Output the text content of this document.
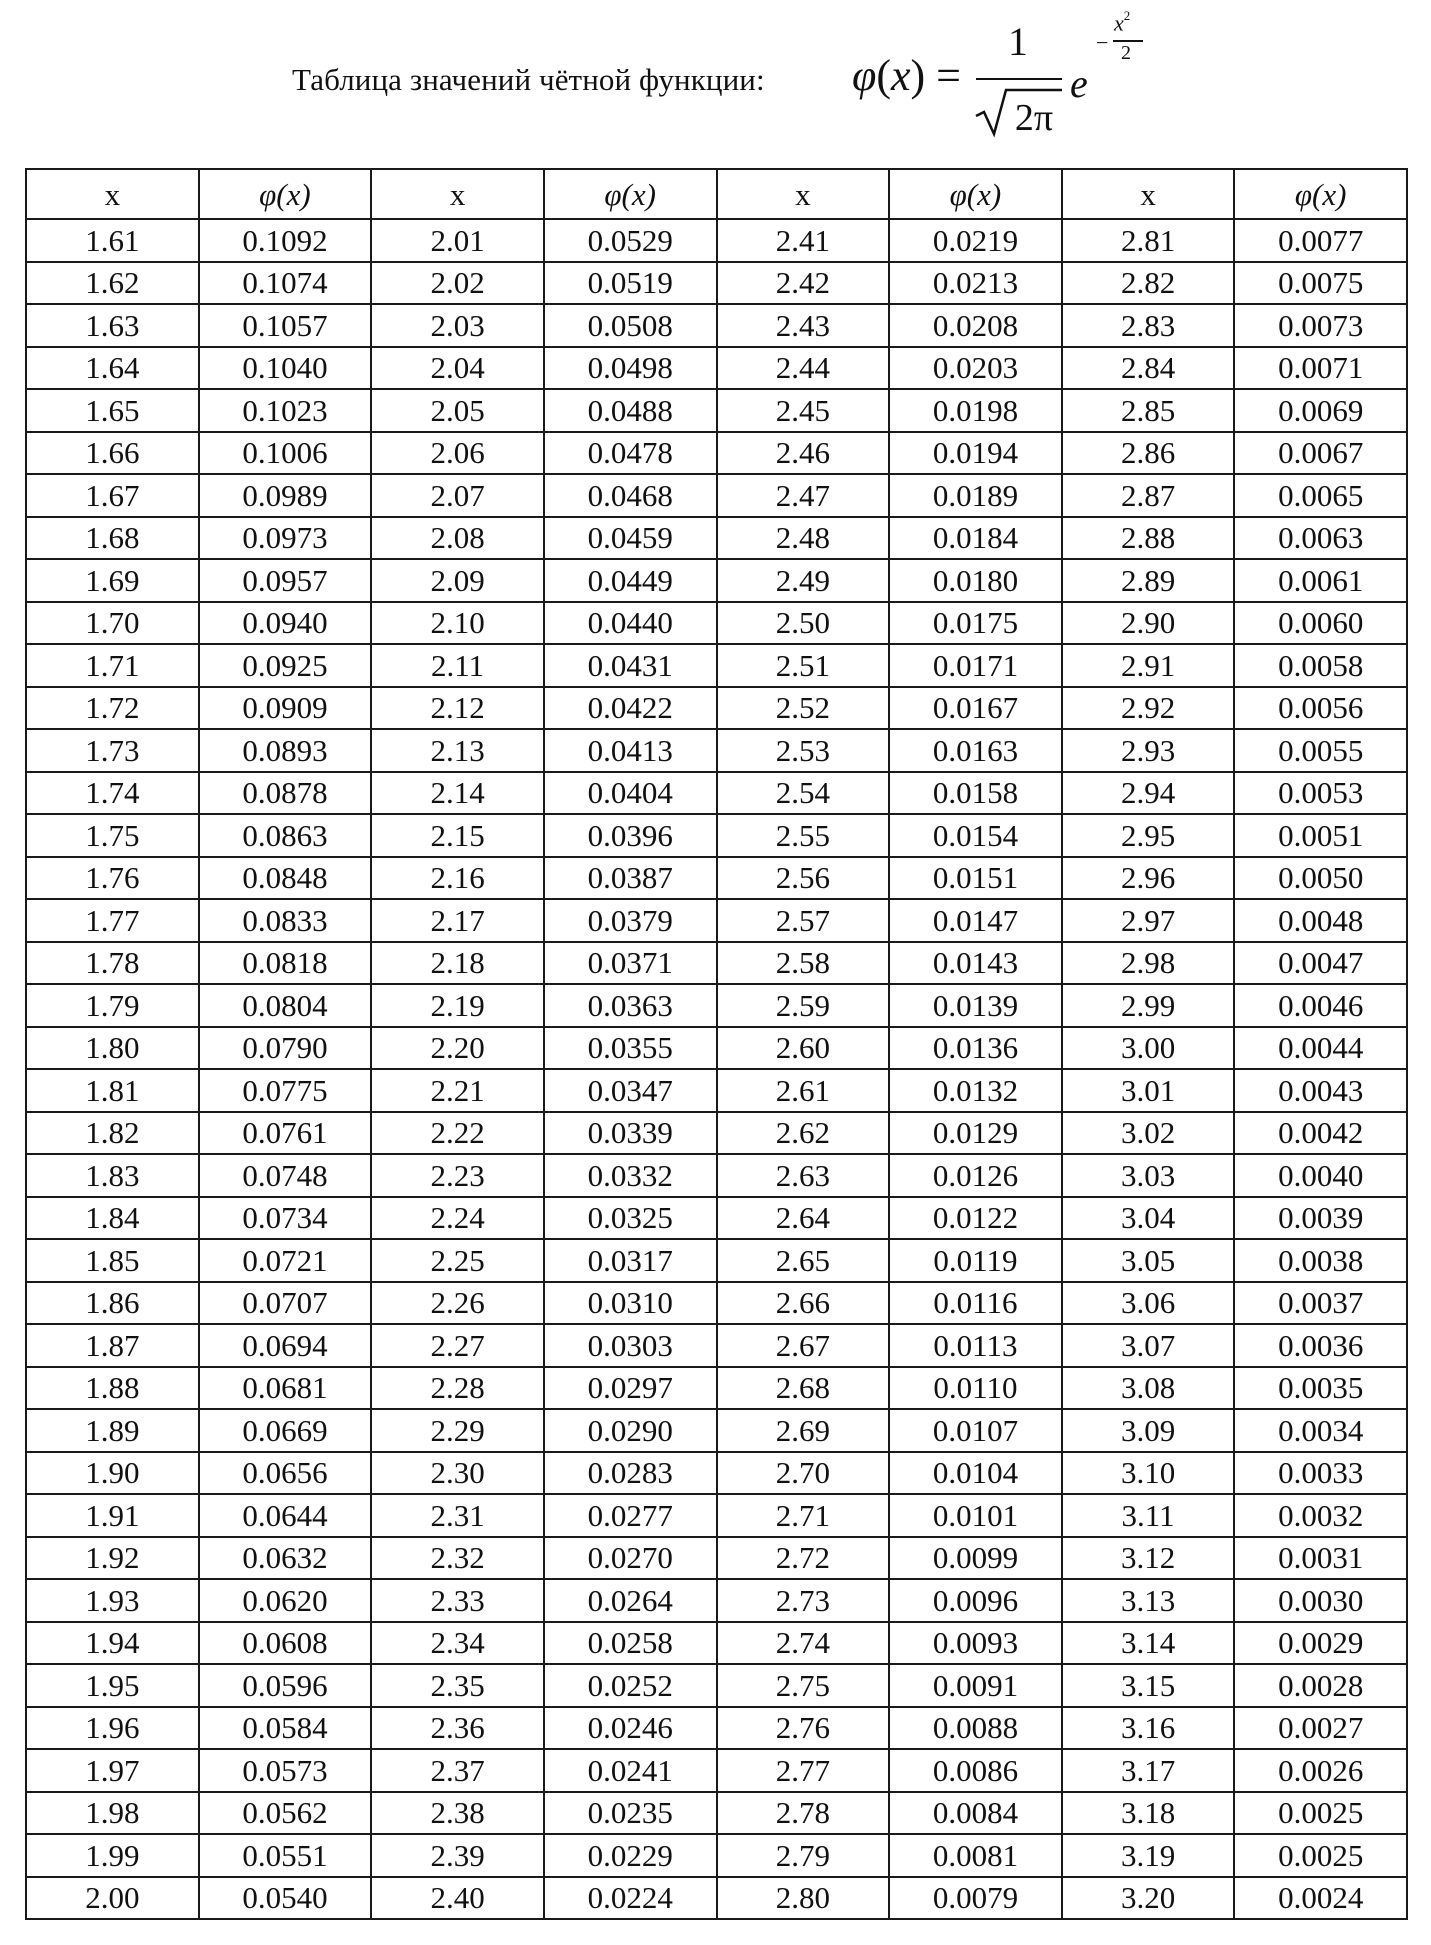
Таблица значений чётной функции: φ(x) =
1
2π
e
−
$x^2$
2
x	φ(x)	x	φ(x)	x	φ(x)	x	φ(x)
1.61	0.1092	2.01	0.0529	2.41	0.0219	2.81	0.0077
1.62	0.1074	2.02	0.0519	2.42	0.0213	2.82	0.0075
1.63	0.1057	2.03	0.0508	2.43	0.0208	2.83	0.0073
1.64	0.1040	2.04	0.0498	2.44	0.0203	2.84	0.0071
1.65	0.1023	2.05	0.0488	2.45	0.0198	2.85	0.0069
1.66	0.1006	2.06	0.0478	2.46	0.0194	2.86	0.0067
1.67	0.0989	2.07	0.0468	2.47	0.0189	2.87	0.0065
1.68	0.0973	2.08	0.0459	2.48	0.0184	2.88	0.0063
1.69	0.0957	2.09	0.0449	2.49	0.0180	2.89	0.0061
1.70	0.0940	2.10	0.0440	2.50	0.0175	2.90	0.0060
1.71	0.0925	2.11	0.0431	2.51	0.0171	2.91	0.0058
1.72	0.0909	2.12	0.0422	2.52	0.0167	2.92	0.0056
1.73	0.0893	2.13	0.0413	2.53	0.0163	2.93	0.0055
1.74	0.0878	2.14	0.0404	2.54	0.0158	2.94	0.0053
1.75	0.0863	2.15	0.0396	2.55	0.0154	2.95	0.0051
1.76	0.0848	2.16	0.0387	2.56	0.0151	2.96	0.0050
1.77	0.0833	2.17	0.0379	2.57	0.0147	2.97	0.0048
1.78	0.0818	2.18	0.0371	2.58	0.0143	2.98	0.0047
1.79	0.0804	2.19	0.0363	2.59	0.0139	2.99	0.0046
1.80	0.0790	2.20	0.0355	2.60	0.0136	3.00	0.0044
1.81	0.0775	2.21	0.0347	2.61	0.0132	3.01	0.0043
1.82	0.0761	2.22	0.0339	2.62	0.0129	3.02	0.0042
1.83	0.0748	2.23	0.0332	2.63	0.0126	3.03	0.0040
1.84	0.0734	2.24	0.0325	2.64	0.0122	3.04	0.0039
1.85	0.0721	2.25	0.0317	2.65	0.0119	3.05	0.0038
1.86	0.0707	2.26	0.0310	2.66	0.0116	3.06	0.0037
1.87	0.0694	2.27	0.0303	2.67	0.0113	3.07	0.0036
1.88	0.0681	2.28	0.0297	2.68	0.0110	3.08	0.0035
1.89	0.0669	2.29	0.0290	2.69	0.0107	3.09	0.0034
1.90	0.0656	2.30	0.0283	2.70	0.0104	3.10	0.0033
1.91	0.0644	2.31	0.0277	2.71	0.0101	3.11	0.0032
1.92	0.0632	2.32	0.0270	2.72	0.0099	3.12	0.0031
1.93	0.0620	2.33	0.0264	2.73	0.0096	3.13	0.0030
1.94	0.0608	2.34	0.0258	2.74	0.0093	3.14	0.0029
1.95	0.0596	2.35	0.0252	2.75	0.0091	3.15	0.0028
1.96	0.0584	2.36	0.0246	2.76	0.0088	3.16	0.0027
1.97	0.0573	2.37	0.0241	2.77	0.0086	3.17	0.0026
1.98	0.0562	2.38	0.0235	2.78	0.0084	3.18	0.0025
1.99	0.0551	2.39	0.0229	2.79	0.0081	3.19	0.0025
2.00	0.0540	2.40	0.0224	2.80	0.0079	3.20	0.0024
